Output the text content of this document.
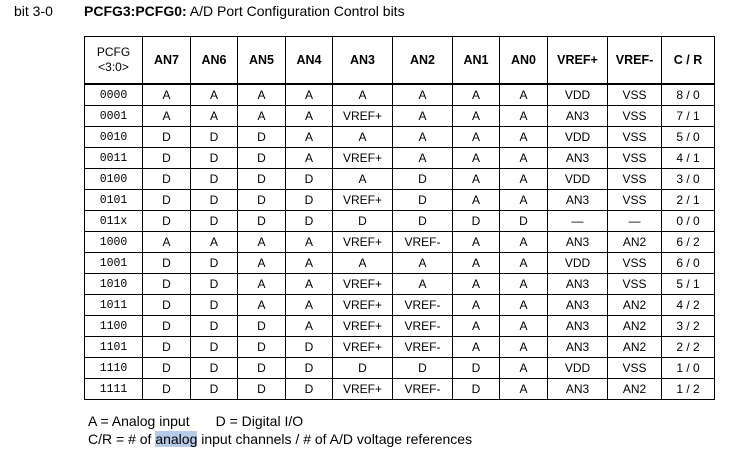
bit 3-0 PCFG3:PCFG0: A/D Port Configuration Control bits
PCFG
<3:0>	AN7	AN6	AN5	AN4	AN3	AN2	AN1	AN0	VREF+	VREF-	C / R
0000	A	A	A	A	A	A	A	A	VDD	VSS	8 / 0
0001	A	A	A	A	VREF+	A	A	A	AN3	VSS	7 / 1
0010	D	D	D	A	A	A	A	A	VDD	VSS	5 / 0
0011	D	D	D	A	VREF+	A	A	A	AN3	VSS	4 / 1
0100	D	D	D	D	A	D	A	A	VDD	VSS	3 / 0
0101	D	D	D	D	VREF+	D	A	A	AN3	VSS	2 / 1
011x	D	D	D	D	D	D	D	D	—	—	0 / 0
1000	A	A	A	A	VREF+	VREF-	A	A	AN3	AN2	6 / 2
1001	D	D	A	A	A	A	A	A	VDD	VSS	6 / 0
1010	D	D	A	A	VREF+	A	A	A	AN3	VSS	5 / 1
1011	D	D	A	A	VREF+	VREF-	A	A	AN3	AN2	4 / 2
1100	D	D	D	A	VREF+	VREF-	A	A	AN3	AN2	3 / 2
1101	D	D	D	D	VREF+	VREF-	A	A	AN3	AN2	2 / 2
1110	D	D	D	D	D	D	D	A	VDD	VSS	1 / 0
1111	D	D	D	D	VREF+	VREF-	D	A	AN3	AN2	1 / 2
A = Analog input D = Digital I/O
C/R = # of analog input channels / # of A/D voltage references
